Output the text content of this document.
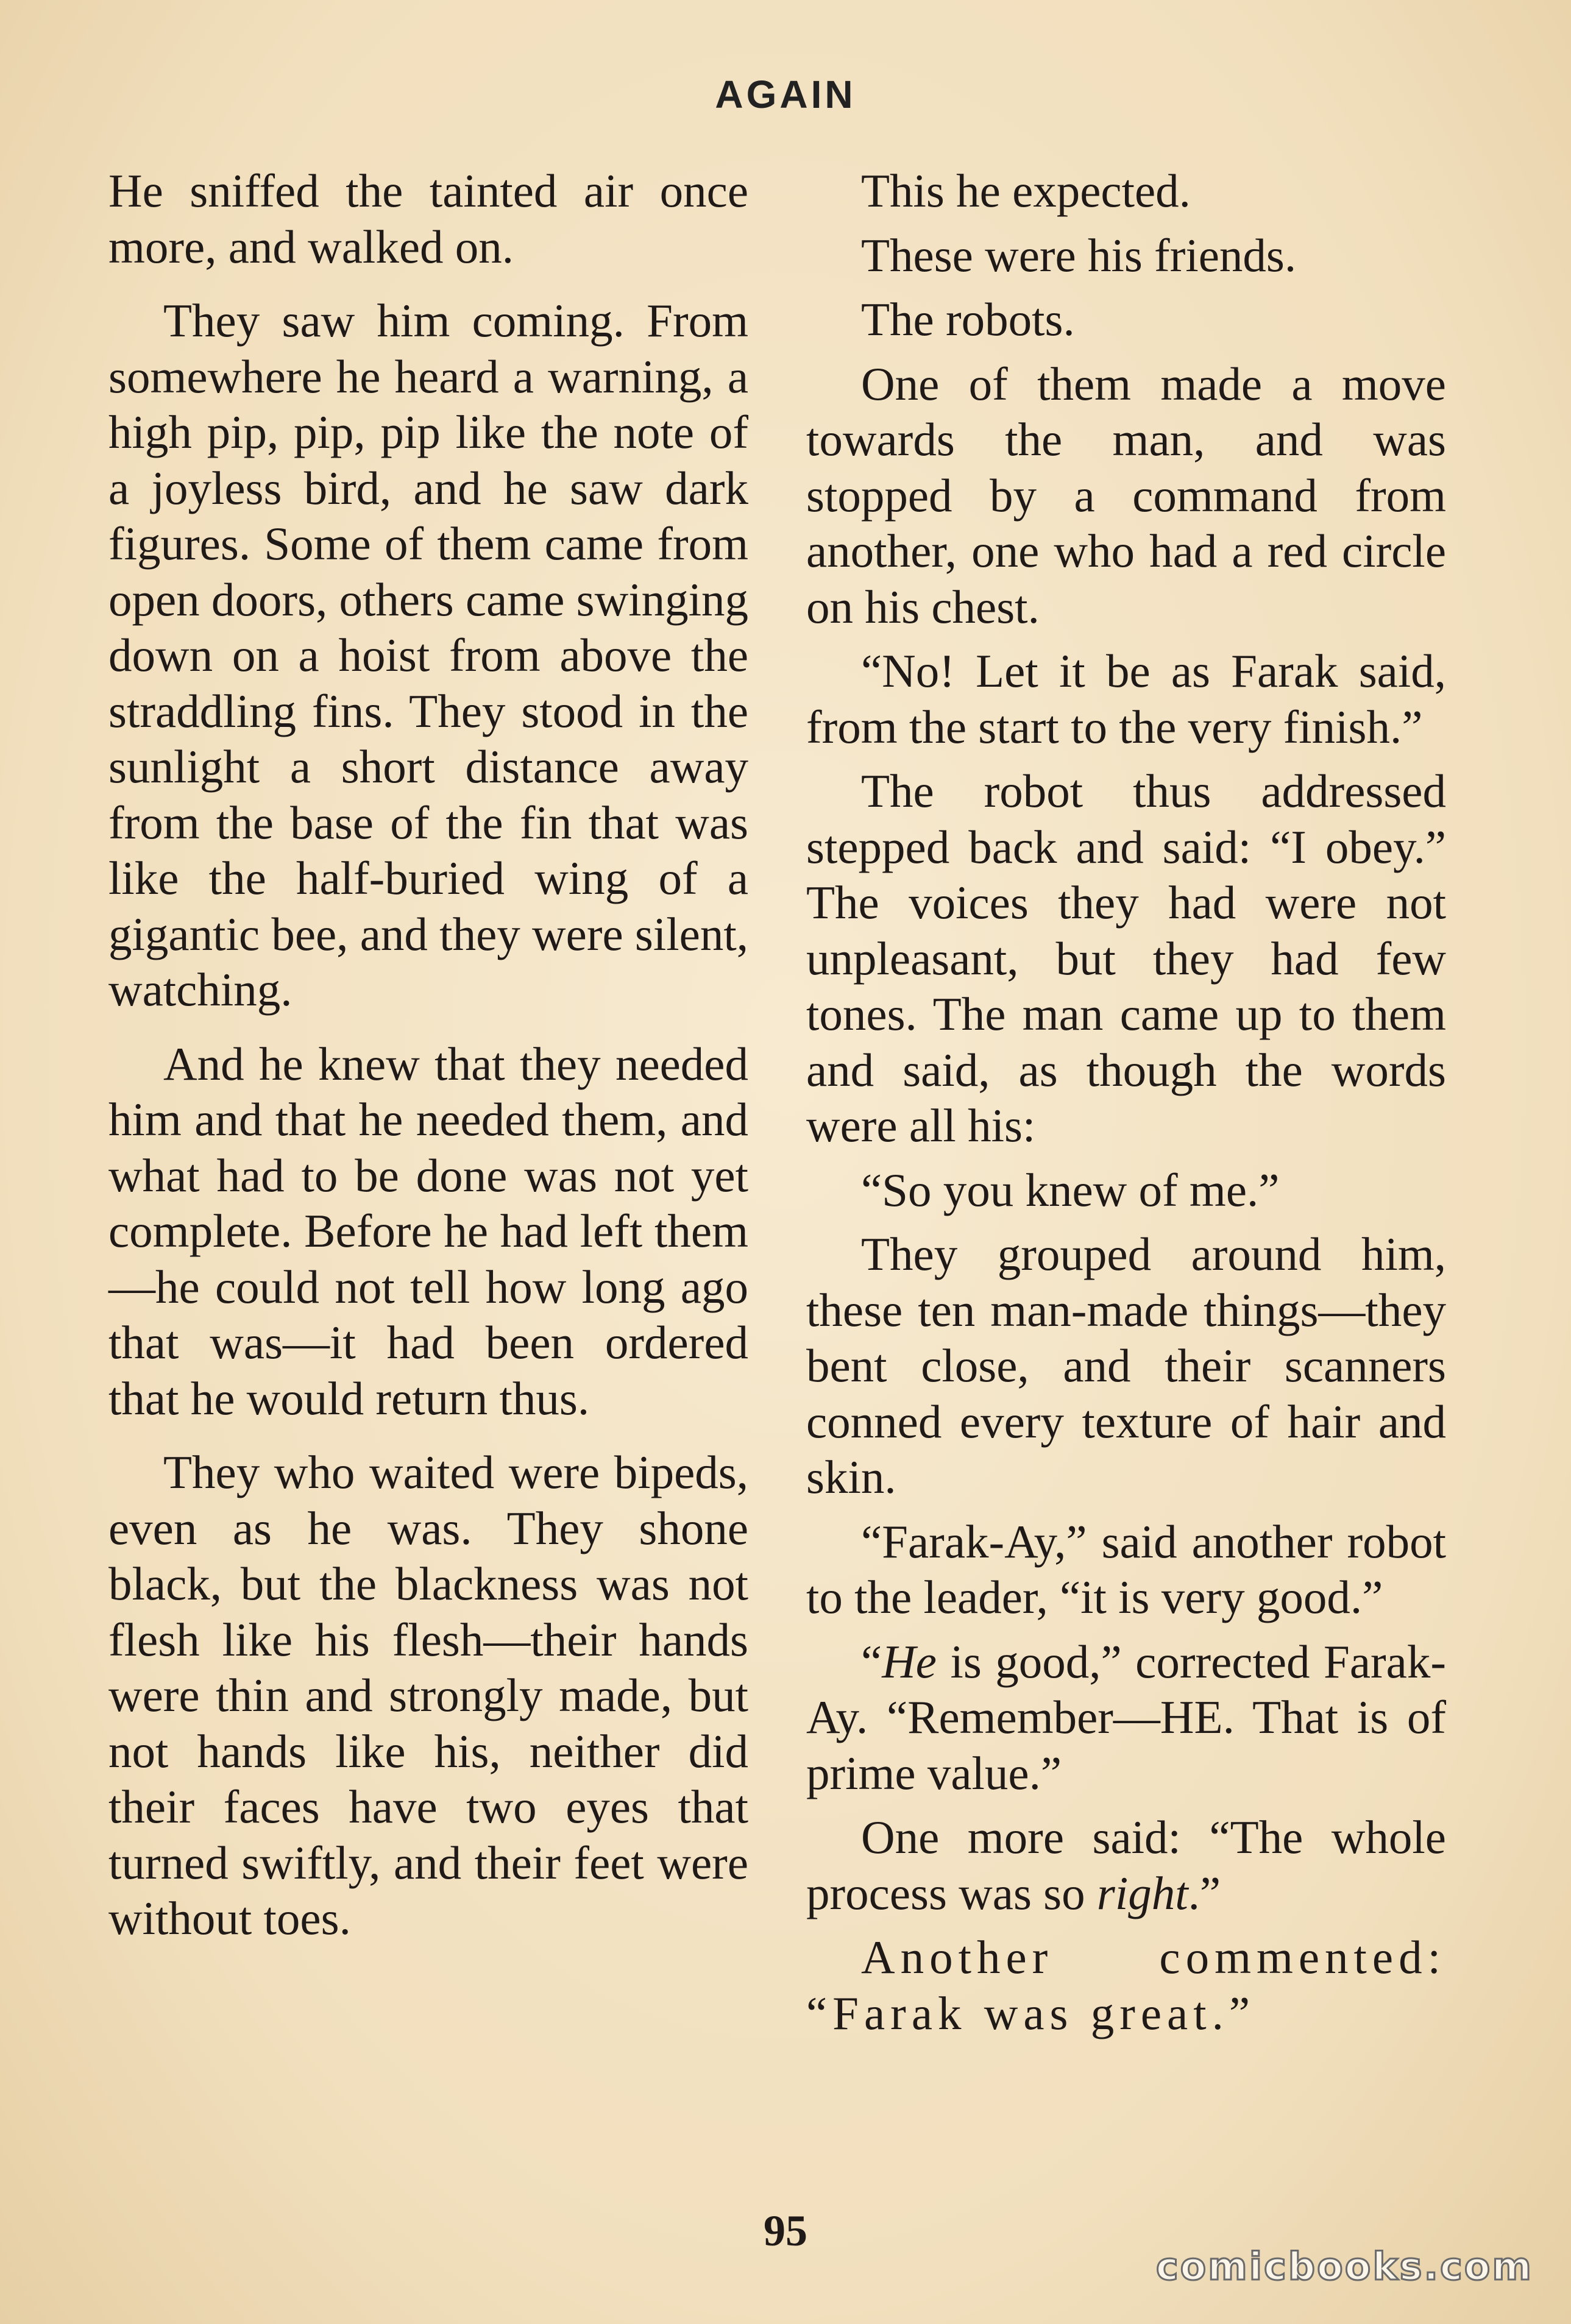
AGAIN

He sniffed the tainted air once more, and walked on.

They saw him coming. From somewhere he heard a warning, a high pip, pip, pip like the note of a joyless bird, and he saw dark figures. Some of them came from open doors, others came swinging down on a hoist from above the straddling fins. They stood in the sunlight a short distance away from the base of the fin that was like the half-buried wing of a gigantic bee, and they were silent, watching.

And he knew that they needed him and that he needed them, and what had to be done was not yet complete. Before he had left them—he could not tell how long ago that was—it had been ordered that he would return thus.

They who waited were bipeds, even as he was. They shone black, but the blackness was not flesh like his flesh—their hands were thin and strongly made, but not hands like his, neither did their faces have two eyes that turned swiftly, and their feet were without toes.

This he expected.

These were his friends.

The robots.

One of them made a move towards the man, and was stopped by a command from another, one who had a red circle on his chest.

“No! Let it be as Farak said, from the start to the very finish.”

The robot thus addressed stepped back and said: “I obey.” The voices they had were not unpleasant, but they had few tones. The man came up to them and said, as though the words were all his:

“So you knew of me.”

They grouped around him, these ten man-made things—they bent close, and their scanners conned every texture of hair and skin.

“Farak-Ay,” said another robot to the leader, “it is very good.”

“He is good,” corrected Farak-Ay. “Remember—HE. That is of prime value.”

One more said: “The whole process was so right.”

Another commented: “Farak was great.”

95
comicbooks.com
